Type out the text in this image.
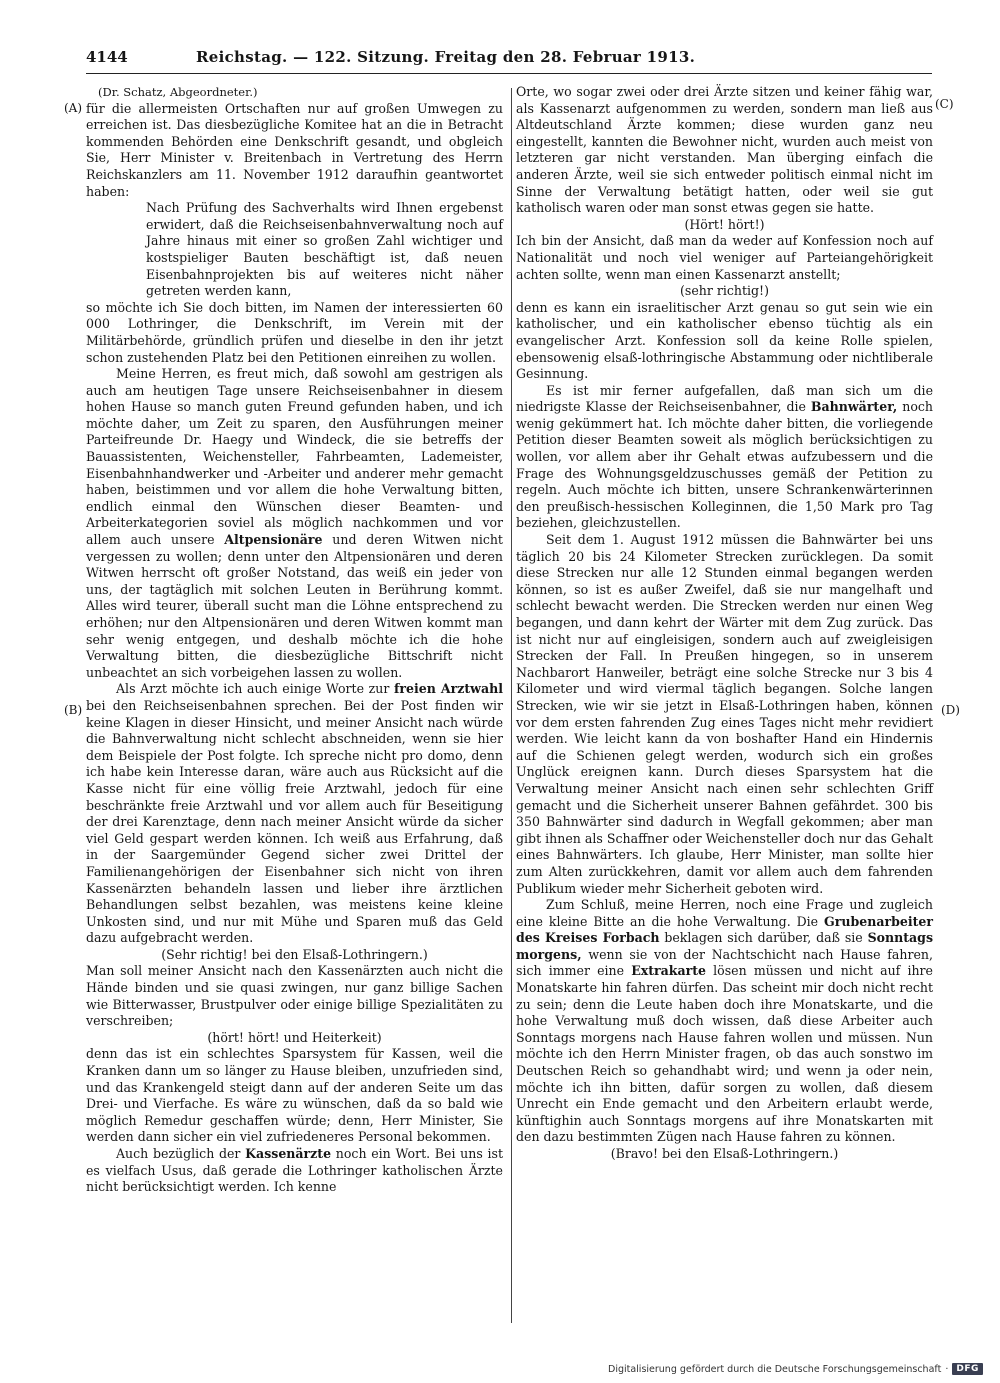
4144	Reichstag. — 122. Sitzung. Freitag den 28. Februar 1913.
(A)
(B)
(C)
(D)

(Dr. Schatz, Abgeordneter.)

für die allermeisten Ortschaften nur auf großen Umwegen zu erreichen ist. Das diesbezügliche Komitee hat an die in Betracht kommenden Behörden eine Denkschrift gesandt, und obgleich Sie, Herr Minister v. Breitenbach in Vertretung des Herrn Reichskanzlers am 11. November 1912 daraufhin geantwortet haben:

Nach Prüfung des Sachverhalts wird Ihnen ergebenst erwidert, daß die Reichseisenbahnverwaltung noch auf Jahre hinaus mit einer so großen Zahl wichtiger und kostspieliger Bauten beschäftigt ist, daß neuen Eisenbahnprojekten bis auf weiteres nicht näher getreten werden kann,

so möchte ich Sie doch bitten, im Namen der interessierten 60 000 Lothringer, die Denkschrift, im Verein mit der Militärbehörde, gründlich prüfen und dieselbe in den ihr jetzt schon zustehenden Platz bei den Petitionen einreihen zu wollen.

Meine Herren, es freut mich, daß sowohl am gestrigen als auch am heutigen Tage unsere Reichseisenbahner in diesem hohen Hause so manch guten Freund gefunden haben, und ich möchte daher, um Zeit zu sparen, den Ausführungen meiner Parteifreunde Dr. Haegy und Windeck, die sie betreffs der Bauassistenten, Weichensteller, Fahrbeamten, Lademeister, Eisenbahnhandwerker und -Arbeiter und anderer mehr gemacht haben, beistimmen und vor allem die hohe Verwaltung bitten, endlich einmal den Wünschen dieser Beamten- und Arbeiterkategorien soviel als möglich nachkommen und vor allem auch unsere Altpensionäre und deren Witwen nicht vergessen zu wollen; denn unter den Altpensionären und deren Witwen herrscht oft großer Notstand, das weiß ein jeder von uns, der tagtäglich mit solchen Leuten in Berührung kommt. Alles wird teurer, überall sucht man die Löhne entsprechend zu erhöhen; nur den Altpensionären und deren Witwen kommt man sehr wenig entgegen, und deshalb möchte ich die hohe Verwaltung bitten, die diesbezügliche Bittschrift nicht unbeachtet an sich vorbeigehen lassen zu wollen.

Als Arzt möchte ich auch einige Worte zur freien Arztwahl bei den Reichseisenbahnen sprechen. Bei der Post finden wir keine Klagen in dieser Hinsicht, und meiner Ansicht nach würde die Bahnverwaltung nicht schlecht abschneiden, wenn sie hier dem Beispiele der Post folgte. Ich spreche nicht pro domo, denn ich habe kein Interesse daran, wäre auch aus Rücksicht auf die Kasse nicht für eine völlig freie Arztwahl, jedoch für eine beschränkte freie Arztwahl und vor allem auch für Beseitigung der drei Karenztage, denn nach meiner Ansicht würde da sicher viel Geld gespart werden können. Ich weiß aus Erfahrung, daß in der Saargemünder Gegend sicher zwei Drittel der Familienangehörigen der Eisenbahner sich nicht von ihren Kassenärzten behandeln lassen und lieber ihre ärztlichen Behandlungen selbst bezahlen, was meistens keine kleine Unkosten sind, und nur mit Mühe und Sparen muß das Geld dazu aufgebracht werden.

(Sehr richtig! bei den Elsaß-Lothringern.)

Man soll meiner Ansicht nach den Kassenärzten auch nicht die Hände binden und sie quasi zwingen, nur ganz billige Sachen wie Bitterwasser, Brustpulver oder einige billige Spezialitäten zu verschreiben;

(hört! hört! und Heiterkeit)

denn das ist ein schlechtes Sparsystem für Kassen, weil die Kranken dann um so länger zu Hause bleiben, unzufrieden sind, und das Krankengeld steigt dann auf der anderen Seite um das Drei- und Vierfache. Es wäre zu wünschen, daß da so bald wie möglich Remedur geschaffen würde; denn, Herr Minister, Sie werden dann sicher ein viel zufriedeneres Personal bekommen.

Auch bezüglich der Kassenärzte noch ein Wort. Bei uns ist es vielfach Usus, daß gerade die Lothringer katholischen Ärzte nicht berücksichtigt werden. Ich kenne

Orte, wo sogar zwei oder drei Ärzte sitzen und keiner fähig war, als Kassenarzt aufgenommen zu werden, sondern man ließ aus Altdeutschland Ärzte kommen; diese wurden ganz neu eingestellt, kannten die Bewohner nicht, wurden auch meist von letzteren gar nicht verstanden. Man überging einfach die anderen Ärzte, weil sie sich entweder politisch einmal nicht im Sinne der Verwaltung betätigt hatten, oder weil sie gut katholisch waren oder man sonst etwas gegen sie hatte.

(Hört! hört!)

Ich bin der Ansicht, daß man da weder auf Konfession noch auf Nationalität und noch viel weniger auf Parteiangehörigkeit achten sollte, wenn man einen Kassenarzt anstellt;

(sehr richtig!)

denn es kann ein israelitischer Arzt genau so gut sein wie ein katholischer, und ein katholischer ebenso tüchtig als ein evangelischer Arzt. Konfession soll da keine Rolle spielen, ebensowenig elsaß-lothringische Abstammung oder nichtliberale Gesinnung.

Es ist mir ferner aufgefallen, daß man sich um die niedrigste Klasse der Reichseisenbahner, die Bahnwärter, noch wenig gekümmert hat. Ich möchte daher bitten, die vorliegende Petition dieser Beamten soweit als möglich berücksichtigen zu wollen, vor allem aber ihr Gehalt etwas aufzubessern und die Frage des Wohnungsgeldzuschusses gemäß der Petition zu regeln. Auch möchte ich bitten, unsere Schrankenwärterinnen den preußisch-hessischen Kolleginnen, die 1,50 Mark pro Tag beziehen, gleichzustellen.

Seit dem 1. August 1912 müssen die Bahnwärter bei uns täglich 20 bis 24 Kilometer Strecken zurücklegen. Da somit diese Strecken nur alle 12 Stunden einmal begangen werden können, so ist es außer Zweifel, daß sie nur mangelhaft und schlecht bewacht werden. Die Strecken werden nur einen Weg begangen, und dann kehrt der Wärter mit dem Zug zurück. Das ist nicht nur auf eingleisigen, sondern auch auf zweigleisigen Strecken der Fall. In Preußen hingegen, so in unserem Nachbarort Hanweiler, beträgt eine solche Strecke nur 3 bis 4 Kilometer und wird viermal täglich begangen. Solche langen Strecken, wie wir sie jetzt in Elsaß-Lothringen haben, können vor dem ersten fahrenden Zug eines Tages nicht mehr revidiert werden. Wie leicht kann da von boshafter Hand ein Hindernis auf die Schienen gelegt werden, wodurch sich ein großes Unglück ereignen kann. Durch dieses Sparsystem hat die Verwaltung meiner Ansicht nach einen sehr schlechten Griff gemacht und die Sicherheit unserer Bahnen gefährdet. 300 bis 350 Bahnwärter sind dadurch in Wegfall gekommen; aber man gibt ihnen als Schaffner oder Weichensteller doch nur das Gehalt eines Bahnwärters. Ich glaube, Herr Minister, man sollte hier zum Alten zurückkehren, damit vor allem auch dem fahrenden Publikum wieder mehr Sicherheit geboten wird.

Zum Schluß, meine Herren, noch eine Frage und zugleich eine kleine Bitte an die hohe Verwaltung. Die Grubenarbeiter des Kreises Forbach beklagen sich darüber, daß sie Sonntags morgens, wenn sie von der Nachtschicht nach Hause fahren, sich immer eine Extrakarte lösen müssen und nicht auf ihre Monatskarte hin fahren dürfen. Das scheint mir doch nicht recht zu sein; denn die Leute haben doch ihre Monatskarte, und die hohe Verwaltung muß doch wissen, daß diese Arbeiter auch Sonntags morgens nach Hause fahren wollen und müssen. Nun möchte ich den Herrn Minister fragen, ob das auch sonstwo im Deutschen Reich so gehandhabt wird; und wenn ja oder nein, möchte ich ihn bitten, dafür sorgen zu wollen, daß diesem Unrecht ein Ende gemacht und den Arbeitern erlaubt werde, künftighin auch Sonntags morgens auf ihre Monatskarten mit den dazu bestimmten Zügen nach Hause fahren zu können.

(Bravo! bei den Elsaß-Lothringern.)

Digitalisierung gefördert durch die Deutsche Forschungsgemeinschaft · DFG
